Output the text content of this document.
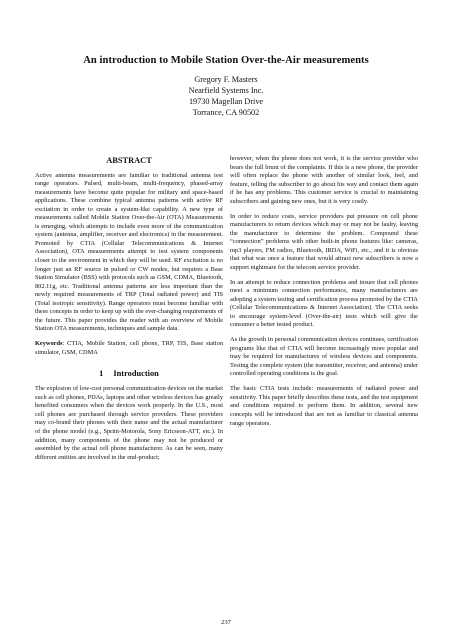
An introduction to Mobile Station Over-the-Air measurements
Gregory F. Masters
Nearfield Systems Inc.
19730 Magellan Drive
Torrance, CA 90502
ABSTRACT

Active antenna measurements are familiar to traditional antenna test range operators. Pulsed, multi-beam, multi-frequency, phased-array measurements have become quite popular for military and space-based applications. These combine typical antenna patterns with active RF excitation in order to create a system-like capability. A new type of measurements called Mobile Station Over-the-Air (OTA) Measurements is emerging, which attempts to include even more of the communication system (antenna, amplifier, receiver and electronics) in the measurement. Promoted by CTIA (Cellular Telecommunications & Internet Association), OTA measurements attempt to test system components closer to the environment in which they will be used. RF excitation is no longer just an RF source in pulsed or CW modes, but requires a Base Station Simulator (BSS) with protocols such as GSM, CDMA, Bluetooth, 802.11g, etc. Traditional antenna patterns are less important than the newly required measurements of TRP (Total radiated power) and TIS (Total isotropic sensitivity). Range operators must become familiar with these concepts in order to keep up with the ever-changing requirements of the future. This paper provides the reader with an overview of Mobile Station OTA measurements, techniques and sample data.

Keywords: CTIA, Mobile Station, cell phone, TRP, TIS, Base station simulator, GSM, CDMA

1 Introduction

The explosion of low-cost personal communication devices on the market such as cell phones, PDAs, laptops and other wireless devices has greatly benefited consumers when the devices work properly. In the U.S., most cell phones are purchased through service providers. These providers may co-brand their phones with their name and the actual manufacturer of the phone model (e.g., Sprint-Motorola, Sony Ericsson-ATT, etc.). In addition, many components of the phone may not be produced or assembled by the actual cell phone manufacturer. As can be seen, many different entities are involved in the end-product;

however, when the phone does not work, it is the service provider who bears the full brunt of the complaints. If this is a new phone, the provider will often replace the phone with another of similar look, feel, and feature, telling the subscriber to go about his way and contact them again if he has any problems. This customer service is crucial to maintaining subscribers and gaining new ones, but it is very costly.

In order to reduce costs, service providers put pressure on cell phone manufacturers to return devices which may or may not be faulty, leaving the manufacturer to determine the problem. Compound these “connection” problems with other built-in phone features like: cameras, mp3 players, FM radios, Bluetooth, IRDA, WiFi, etc., and it is obvious that what was once a feature that would attract new subscribers is now a support nightmare for the telecom service provider.

In an attempt to reduce connection problems and insure that cell phones meet a minimum connection performance, many manufacturers are adopting a system testing and certification process promoted by the CTIA (Cellular Telecommunications & Internet Association). The CTIA seeks to encourage system-level (Over-the-air) tests which will give the consumer a better tested product.

As the growth in personal communication devices continues, certification programs like that of CTIA will become increasingly more popular and may be required for manufactures of wireless devices and components. Testing the complete system (the transmitter, receiver, and antenna) under controlled operating conditions is the goal.

The basic CTIA tests include: measurements of radiated power and sensitivity. This paper briefly describes these tests, and the test equipment and conditions required to perform them. In addition, several new concepts will be introduced that are not as familiar to classical antenna range operators.

237
